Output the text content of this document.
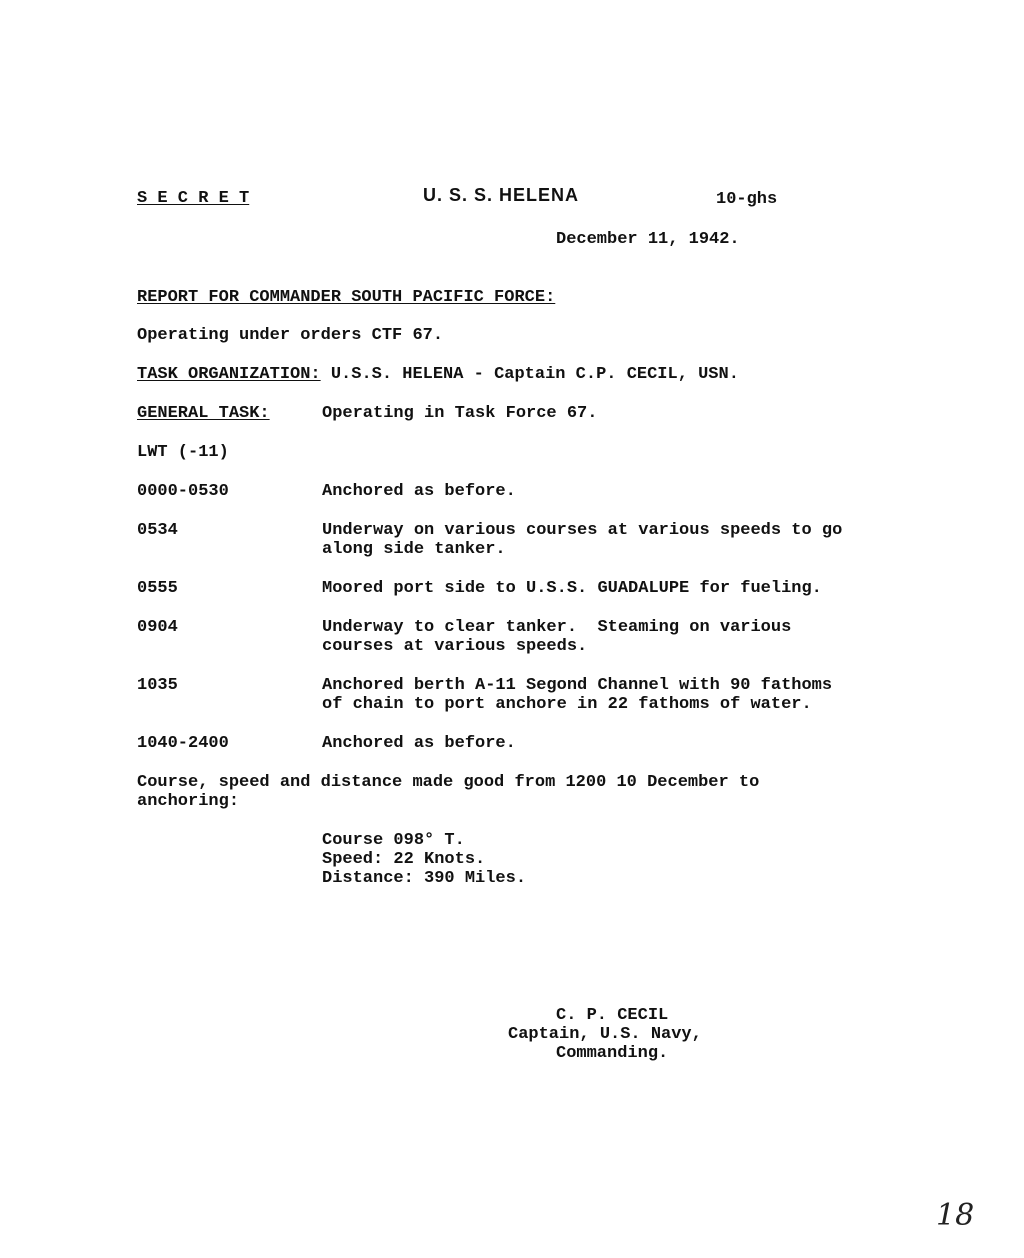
S E C R E T	U. S. S. HELENA	10-ghs
December 11, 1942.
REPORT FOR COMMANDER SOUTH PACIFIC FORCE:
Operating under orders CTF 67.
TASK ORGANIZATION: U.S.S. HELENA - Captain C.P. CECIL, USN.
GENERAL TASK:	Operating in Task Force 67.
LWT (-11)
0000-0530	Anchored as before.
0534	Underway on various courses at various speeds to go
along side tanker.
0555	Moored port side to U.S.S. GUADALUPE for fueling.
0904	Underway to clear tanker.  Steaming on various
courses at various speeds.
1035	Anchored berth A-11 Segond Channel with 90 fathoms
of chain to port anchore in 22 fathoms of water.
1040-2400	Anchored as before.
Course, speed and distance made good from 1200 10 December to
anchoring:
Course 098° T.
Speed: 22 Knots.
Distance: 390 Miles.
C. P. CECIL
Captain, U.S. Navy,
Commanding.
18
